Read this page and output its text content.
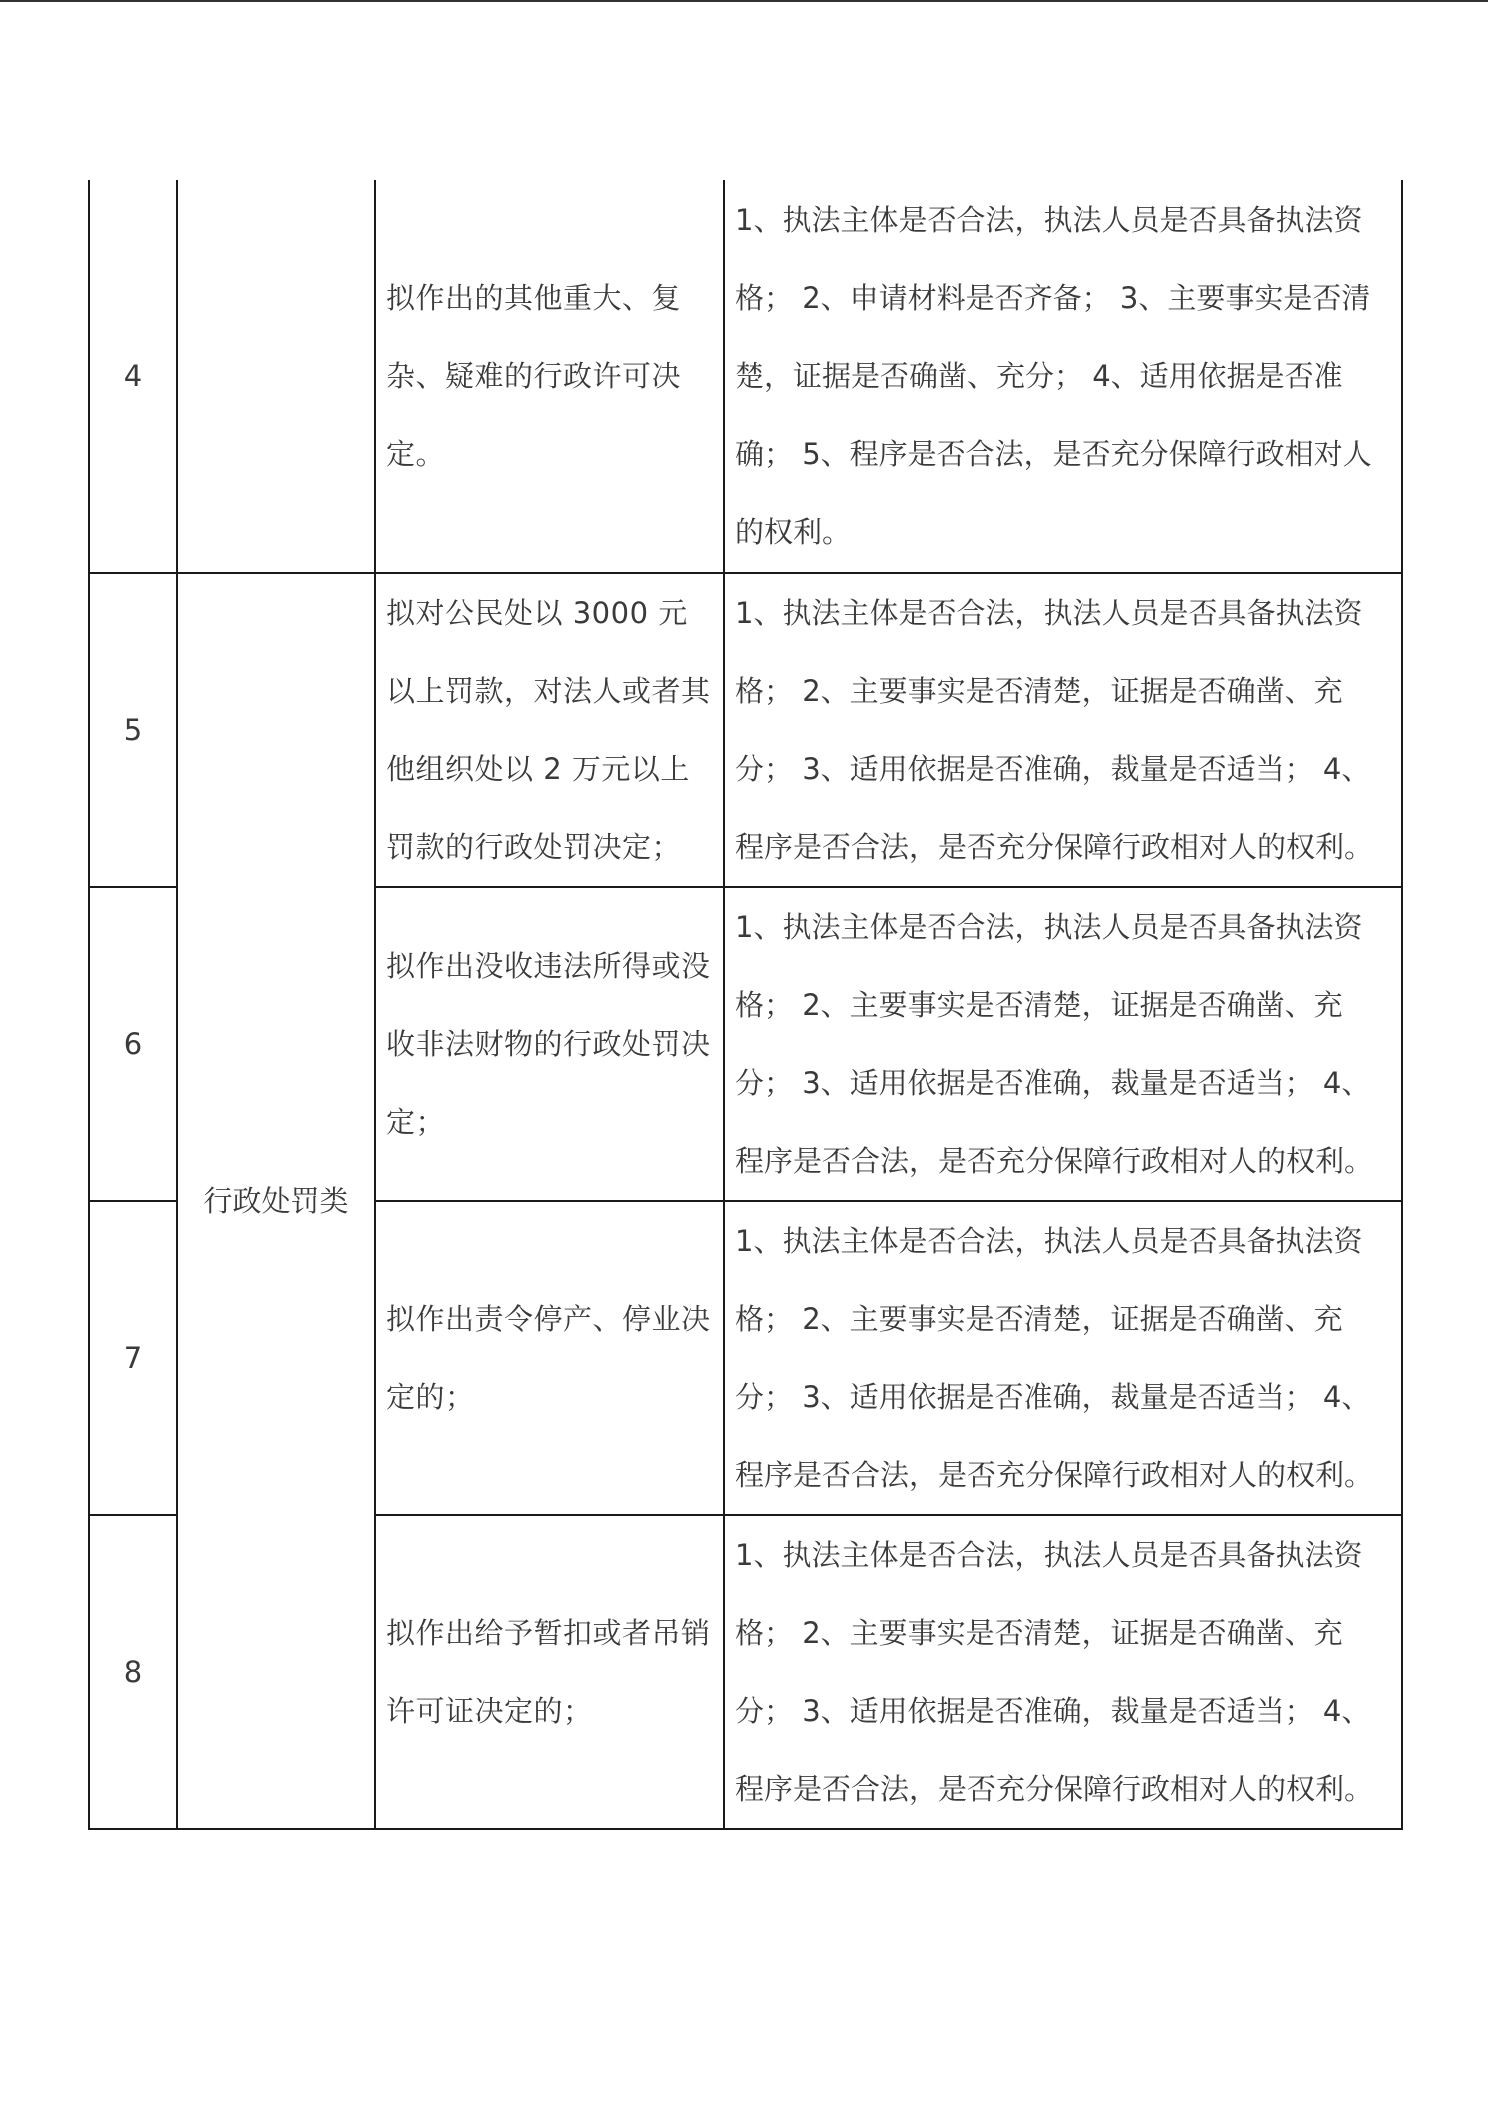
4		拟作出的其他重大、复杂、疑难的行政许可决定。	1、执法主体是否合法，执法人员是否具备执法资格； 2、申请材料是否齐备； 3、主要事实是否清楚，证据是否确凿、充分； 4、适用依据是否准确； 5、程序是否合法，是否充分保障行政相对人的权利。
5	行政处罚类	拟对公民处以 3000 元以上罚款，对法人或者其他组织处以 2 万元以上罚款的行政处罚决定；	1、执法主体是否合法，执法人员是否具备执法资格； 2、主要事实是否清楚，证据是否确凿、充分； 3、适用依据是否准确，裁量是否适当； 4、程序是否合法，是否充分保障行政相对人的权利。
6		拟作出没收违法所得或没收非法财物的行政处罚决定；	1、执法主体是否合法，执法人员是否具备执法资格； 2、主要事实是否清楚，证据是否确凿、充分； 3、适用依据是否准确，裁量是否适当； 4、程序是否合法，是否充分保障行政相对人的权利。
7		拟作出责令停产、停业决定的；	1、执法主体是否合法，执法人员是否具备执法资格； 2、主要事实是否清楚，证据是否确凿、充分； 3、适用依据是否准确，裁量是否适当； 4、程序是否合法，是否充分保障行政相对人的权利。
8		拟作出给予暂扣或者吊销许可证决定的；	1、执法主体是否合法，执法人员是否具备执法资格； 2、主要事实是否清楚，证据是否确凿、充分； 3、适用依据是否准确，裁量是否适当； 4、程序是否合法，是否充分保障行政相对人的权利。
